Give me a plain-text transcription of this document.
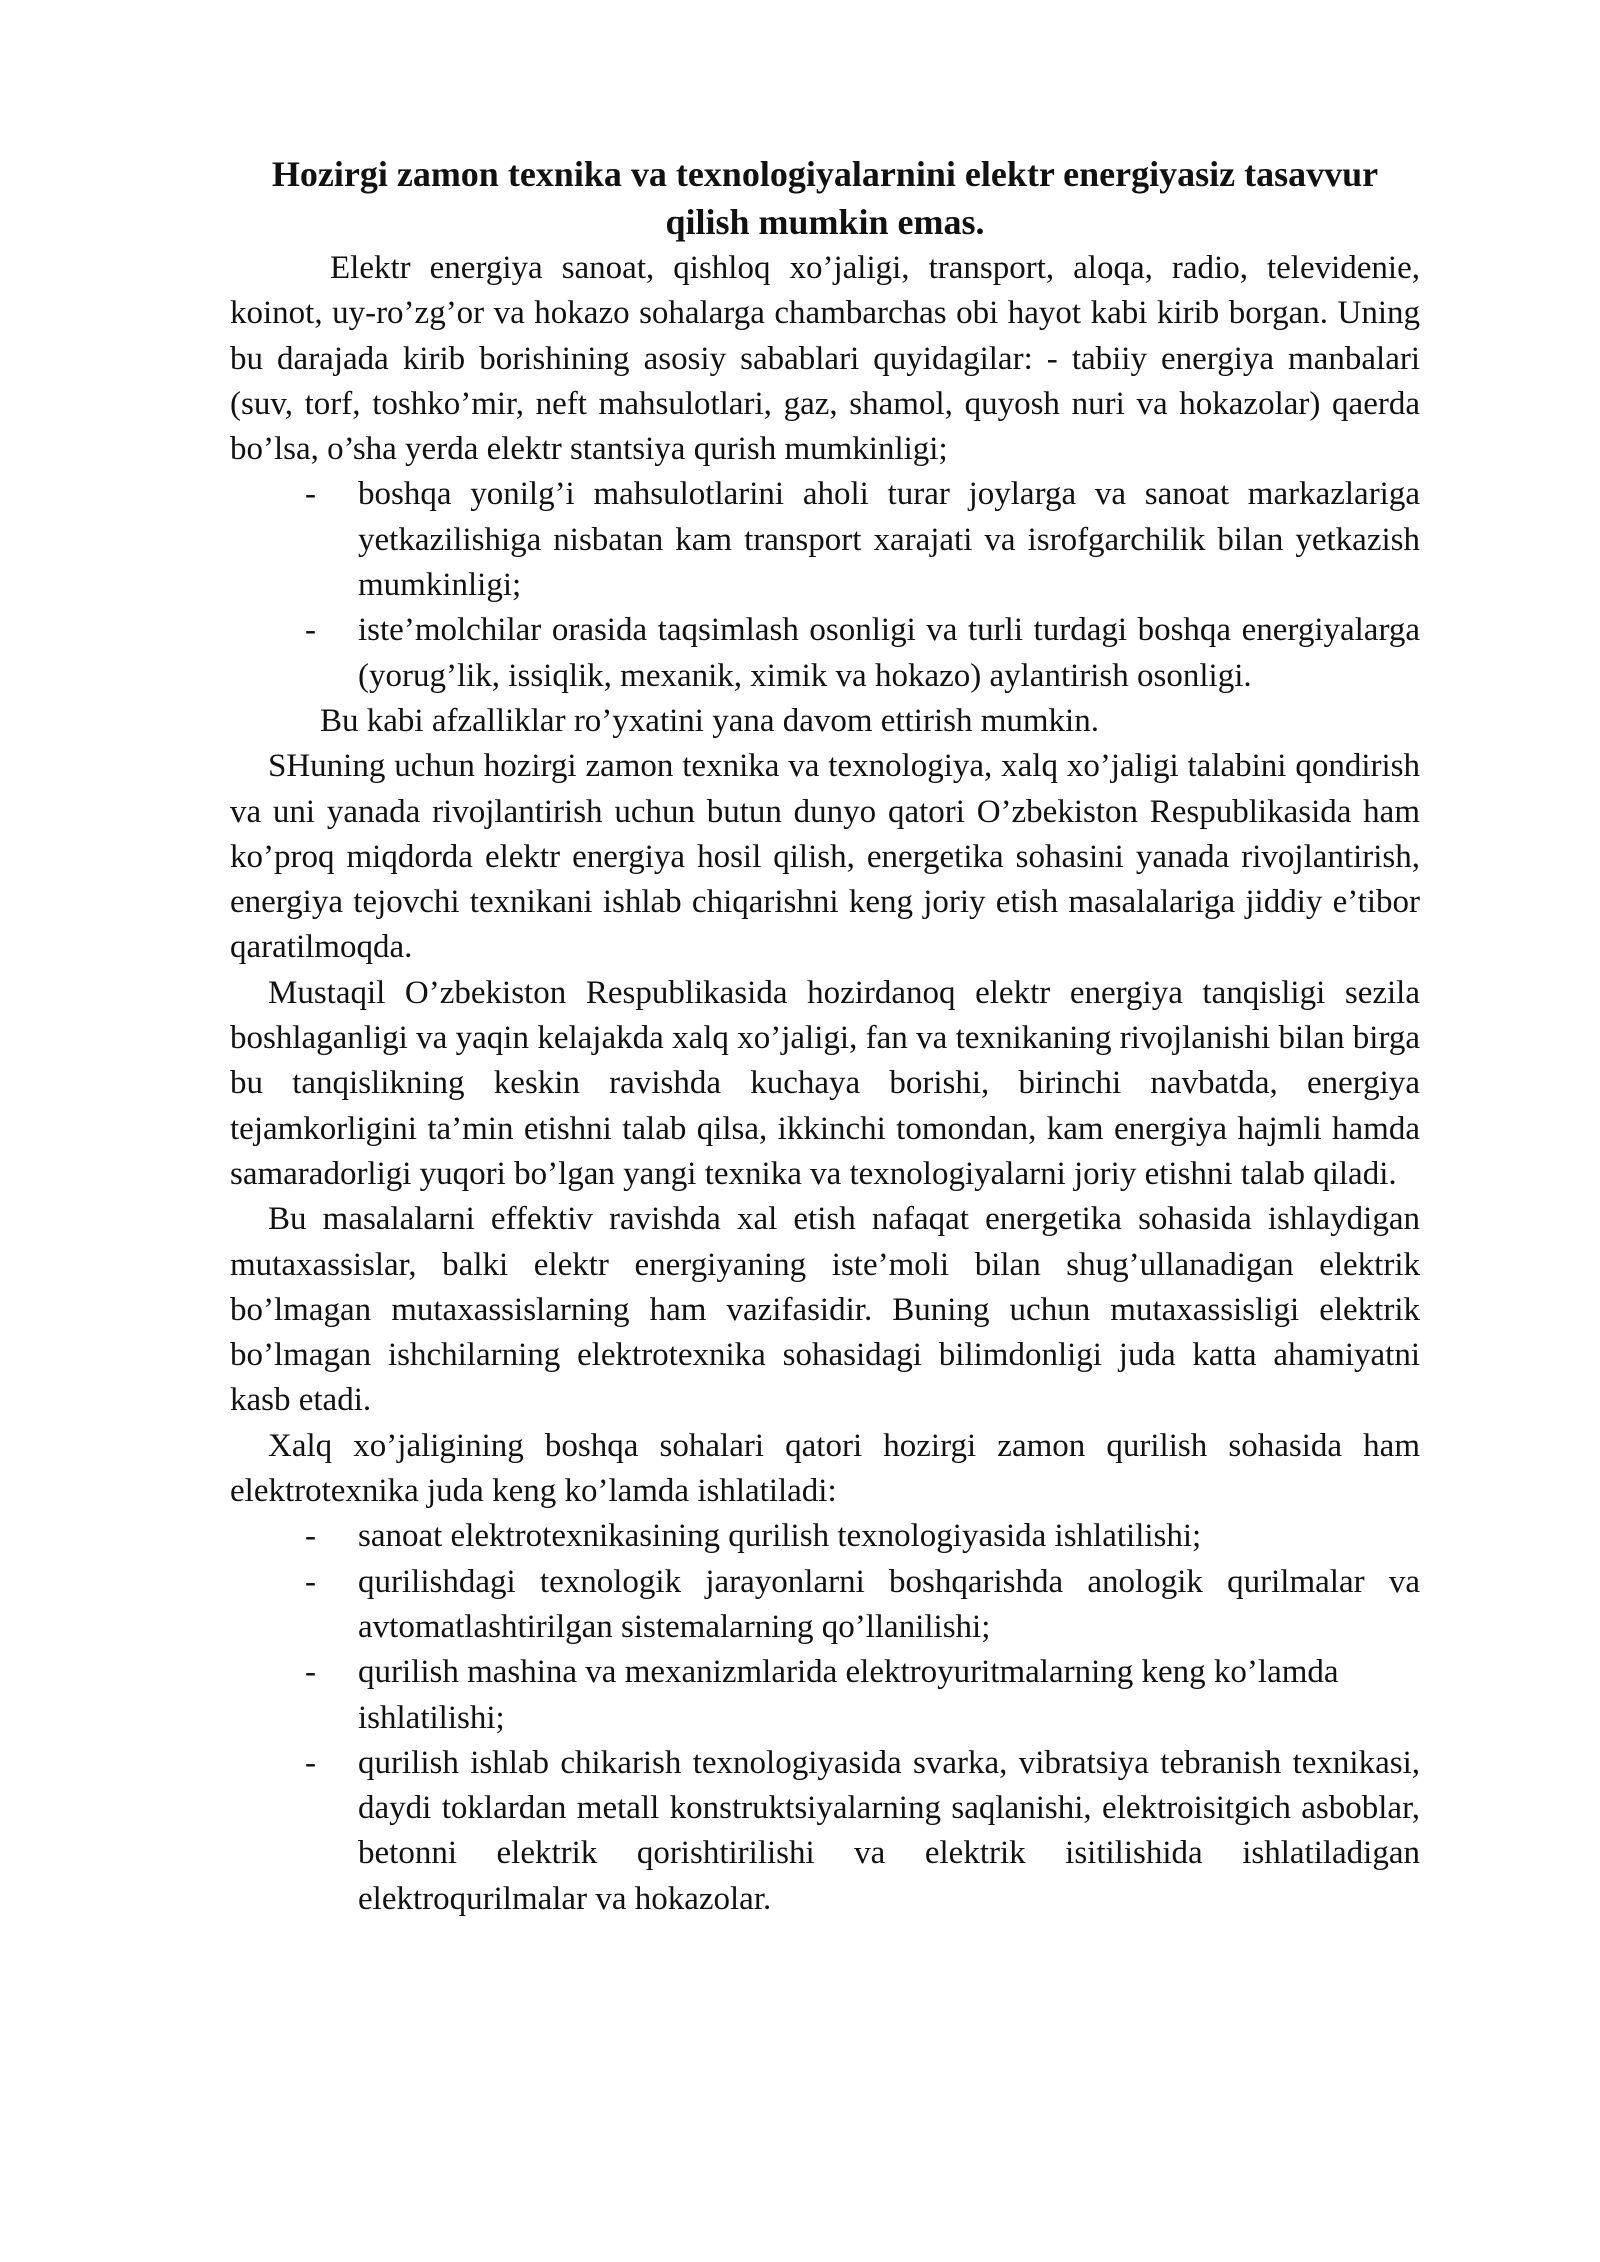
Hozirgi zamon texnika va texnologiyalarnini elektr energiyasiz tasavvur qilish mumkin emas.

Elektr energiya sanoat, qishloq xo’jaligi, transport, aloqa, radio, televidenie, koinot, uy-ro’zg’or va hokazo sohalarga chambarchas obi hayot kabi kirib borgan. Uning bu darajada kirib borishining asosiy sabablari quyidagilar: - tabiiy energiya manbalari (suv, torf, toshko’mir, neft mahsulotlari, gaz, shamol, quyosh nuri va hokazolar) qaerda bo’lsa, o’sha yerda elektr stantsiya qurish mumkinligi;

- boshqa yonilg’i mahsulotlarini aholi turar joylarga va sanoat markazlariga yetkazilishiga nisbatan kam transport xarajati va isrofgarchilik bilan yetkazish mumkinligi;
- iste’molchilar orasida taqsimlash osonligi va turli turdagi boshqa energiyalarga (yorug’lik, issiqlik, mexanik, ximik va hokazo) aylantirish osonligi.

Bu kabi afzalliklar ro’yxatini yana davom ettirish mumkin.

SHuning uchun hozirgi zamon texnika va texnologiya, xalq xo’jaligi talabini qondirish va uni yanada rivojlantirish uchun butun dunyo qatori O’zbekiston Respublikasida ham ko’proq miqdorda elektr energiya hosil qilish, energetika sohasini yanada rivojlantirish, energiya tejovchi texnikani ishlab chiqarishni keng joriy etish masalalariga jiddiy e’tibor qaratilmoqda.

Mustaqil O’zbekiston Respublikasida hozirdanoq elektr energiya tanqisligi sezila boshlaganligi va yaqin kelajakda xalq xo’jaligi, fan va texnikaning rivojlanishi bilan birga bu tanqislikning keskin ravishda kuchaya borishi, birinchi navbatda, energiya tejamkorligini ta’min etishni talab qilsa, ikkinchi tomondan, kam energiya hajmli hamda samaradorligi yuqori bo’lgan yangi texnika va texnologiyalarni joriy etishni talab qiladi.

Bu masalalarni effektiv ravishda xal etish nafaqat energetika sohasida ishlaydigan mutaxassislar, balki elektr energiyaning iste’moli bilan shug’ullanadigan elektrik bo’lmagan mutaxassislarning ham vazifasidir. Buning uchun mutaxassisligi elektrik bo’lmagan ishchilarning elektrotexnika sohasidagi bilimdonligi juda katta ahamiyatni kasb etadi.

Xalq xo’jaligining boshqa sohalari qatori hozirgi zamon qurilish sohasida ham elektrotexnika juda keng ko’lamda ishlatiladi:

- sanoat elektrotexnikasining qurilish texnologiyasida ishlatilishi;
- qurilishdagi texnologik jarayonlarni boshqarishda anologik qurilmalar va avtomatlashtirilgan sistemalarning qo’llanilishi;
- qurilish mashina va mexanizmlarida elektroyuritmalarning keng ko’lamda
ishlatilishi;
- qurilish ishlab chikarish texnologiyasida svarka, vibratsiya tebranish texnikasi, daydi toklardan metall konstruktsiyalarning saqlanishi, elektroisitgich asboblar, betonni elektrik qorishtirilishi va elektrik isitilishida ishlatiladigan elektroqurilmalar va hokazolar.
